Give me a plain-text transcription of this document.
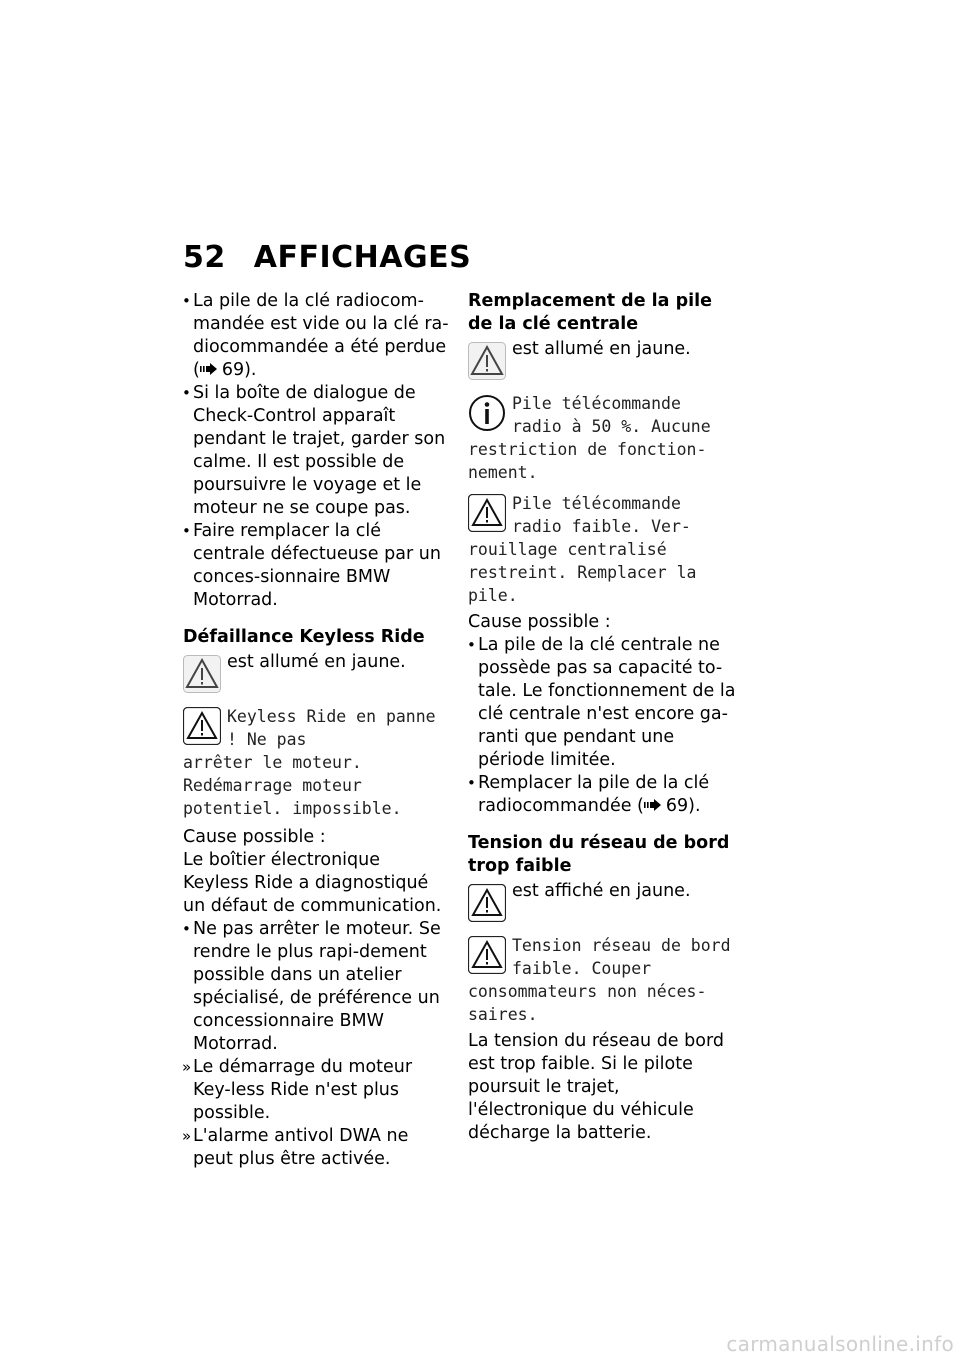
52 AFFICHAGES
• La pile de la clé radiocom-mandée est vide ou la clé ra-diocommandée a été perdue ( 69).
• Si la boîte de dialogue de Check-Control apparaît pendant le trajet, garder son calme. Il est possible de poursuivre le voyage et le moteur ne se coupe pas.
• Faire remplacer la clé centrale défectueuse par un conces-sionnaire BMW Motorrad.
Défaillance Keyless Ride
est allumé en jaune.
Keyless Ride en panne ! Ne pas
arrêter le moteur. Redémarrage moteur potentiel. impossible.
Cause possible :
Le boîtier électronique Keyless Ride a diagnostiqué un défaut de communication.
• Ne pas arrêter le moteur. Se rendre le plus rapi-dement possible dans un atelier spécialisé, de préférence un concessionnaire BMW Motorrad.
» Le démarrage du moteur Key-less Ride n'est plus possible.
» L'alarme antivol DWA ne peut plus être activée.
Remplacement de la pile de la clé centrale
est allumé en jaune.
Pile télécommande radio à 50 %. Aucune
restriction de fonction-nement.
Pile télécommande radio faible. Ver-
rouillage centralisé restreint. Remplacer la pile.
Cause possible :
• La pile de la clé centrale ne possède pas sa capacité to-tale. Le fonctionnement de la clé centrale n'est encore ga-ranti que pendant une période limitée.
• Remplacer la pile de la clé radiocommandée ( 69).
Tension du réseau de bord trop faible
est affiché en jaune.
Tension réseau de bord faible. Couper
consommateurs non néces-saires.
La tension du réseau de bord est trop faible. Si le pilote poursuit le trajet, l'électronique du véhicule décharge la batterie.
carmanualsonline.info
